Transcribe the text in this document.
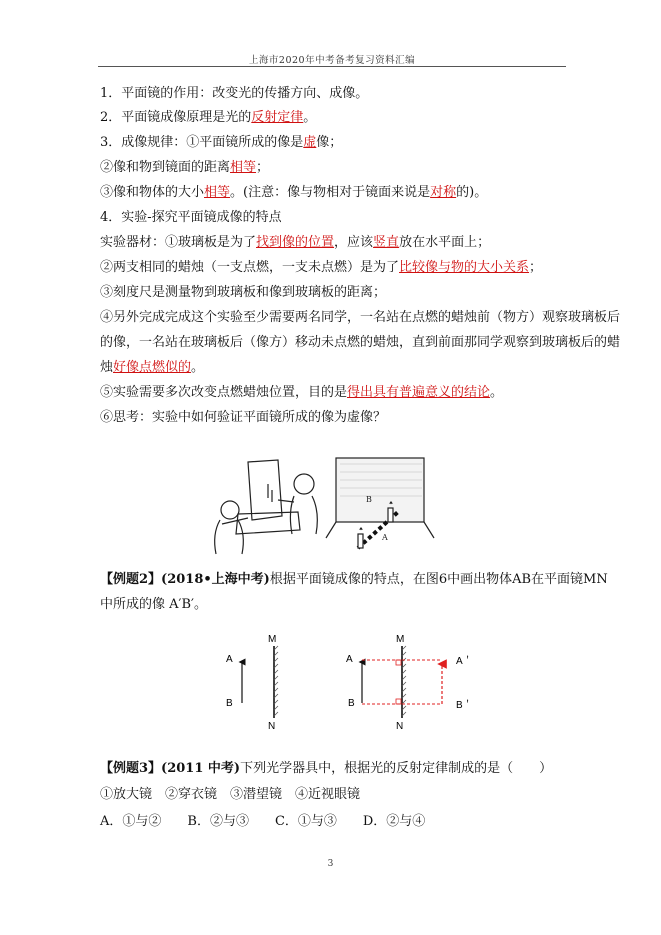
上海市2020年中考备考复习资料汇编
1．平面镜的作用：改变光的传播方向、成像。
2．平面镜成像原理是光的反射定律。
3．成像规律：①平面镜所成的像是虚像；
②像和物到镜面的距离相等；
③像和物体的大小相等。(注意：像与物相对于镜面来说是对称的)。
4．实验-探究平面镜成像的特点
实验器材：①玻璃板是为了找到像的位置，应该竖直放在水平面上；
②两支相同的蜡烛（一支点燃，一支未点燃）是为了比较像与物的大小关系；
③刻度尺是测量物到玻璃板和像到玻璃板的距离；
④另外完成完成这个实验至少需要两名同学，一名站在点燃的蜡烛前（物方）观察玻璃板后
的像，一名站在玻璃板后（像方）移动未点燃的蜡烛，直到前面那同学观察到玻璃板后的蜡
烛好像点燃似的。
⑤实验需要多次改变点燃蜡烛位置，目的是得出具有普遍意义的结论。
⑥思考：实验中如何验证平面镜所成的像为虚像？
B
A
【例题2】(2018•上海中考)根据平面镜成像的特点，在图6中画出物体AB在平面镜MN
中所成的像 A′B′。
A
B
M
N
A
B
M
N
A＇
B＇
【例题3】(2011 中考)下列光学器具中，根据光的反射定律制成的是（　　）
①放大镜　②穿衣镜　③潜望镜　④近视眼镜
A．①与②　　B．②与③　　C．①与③　　D．②与④
3
